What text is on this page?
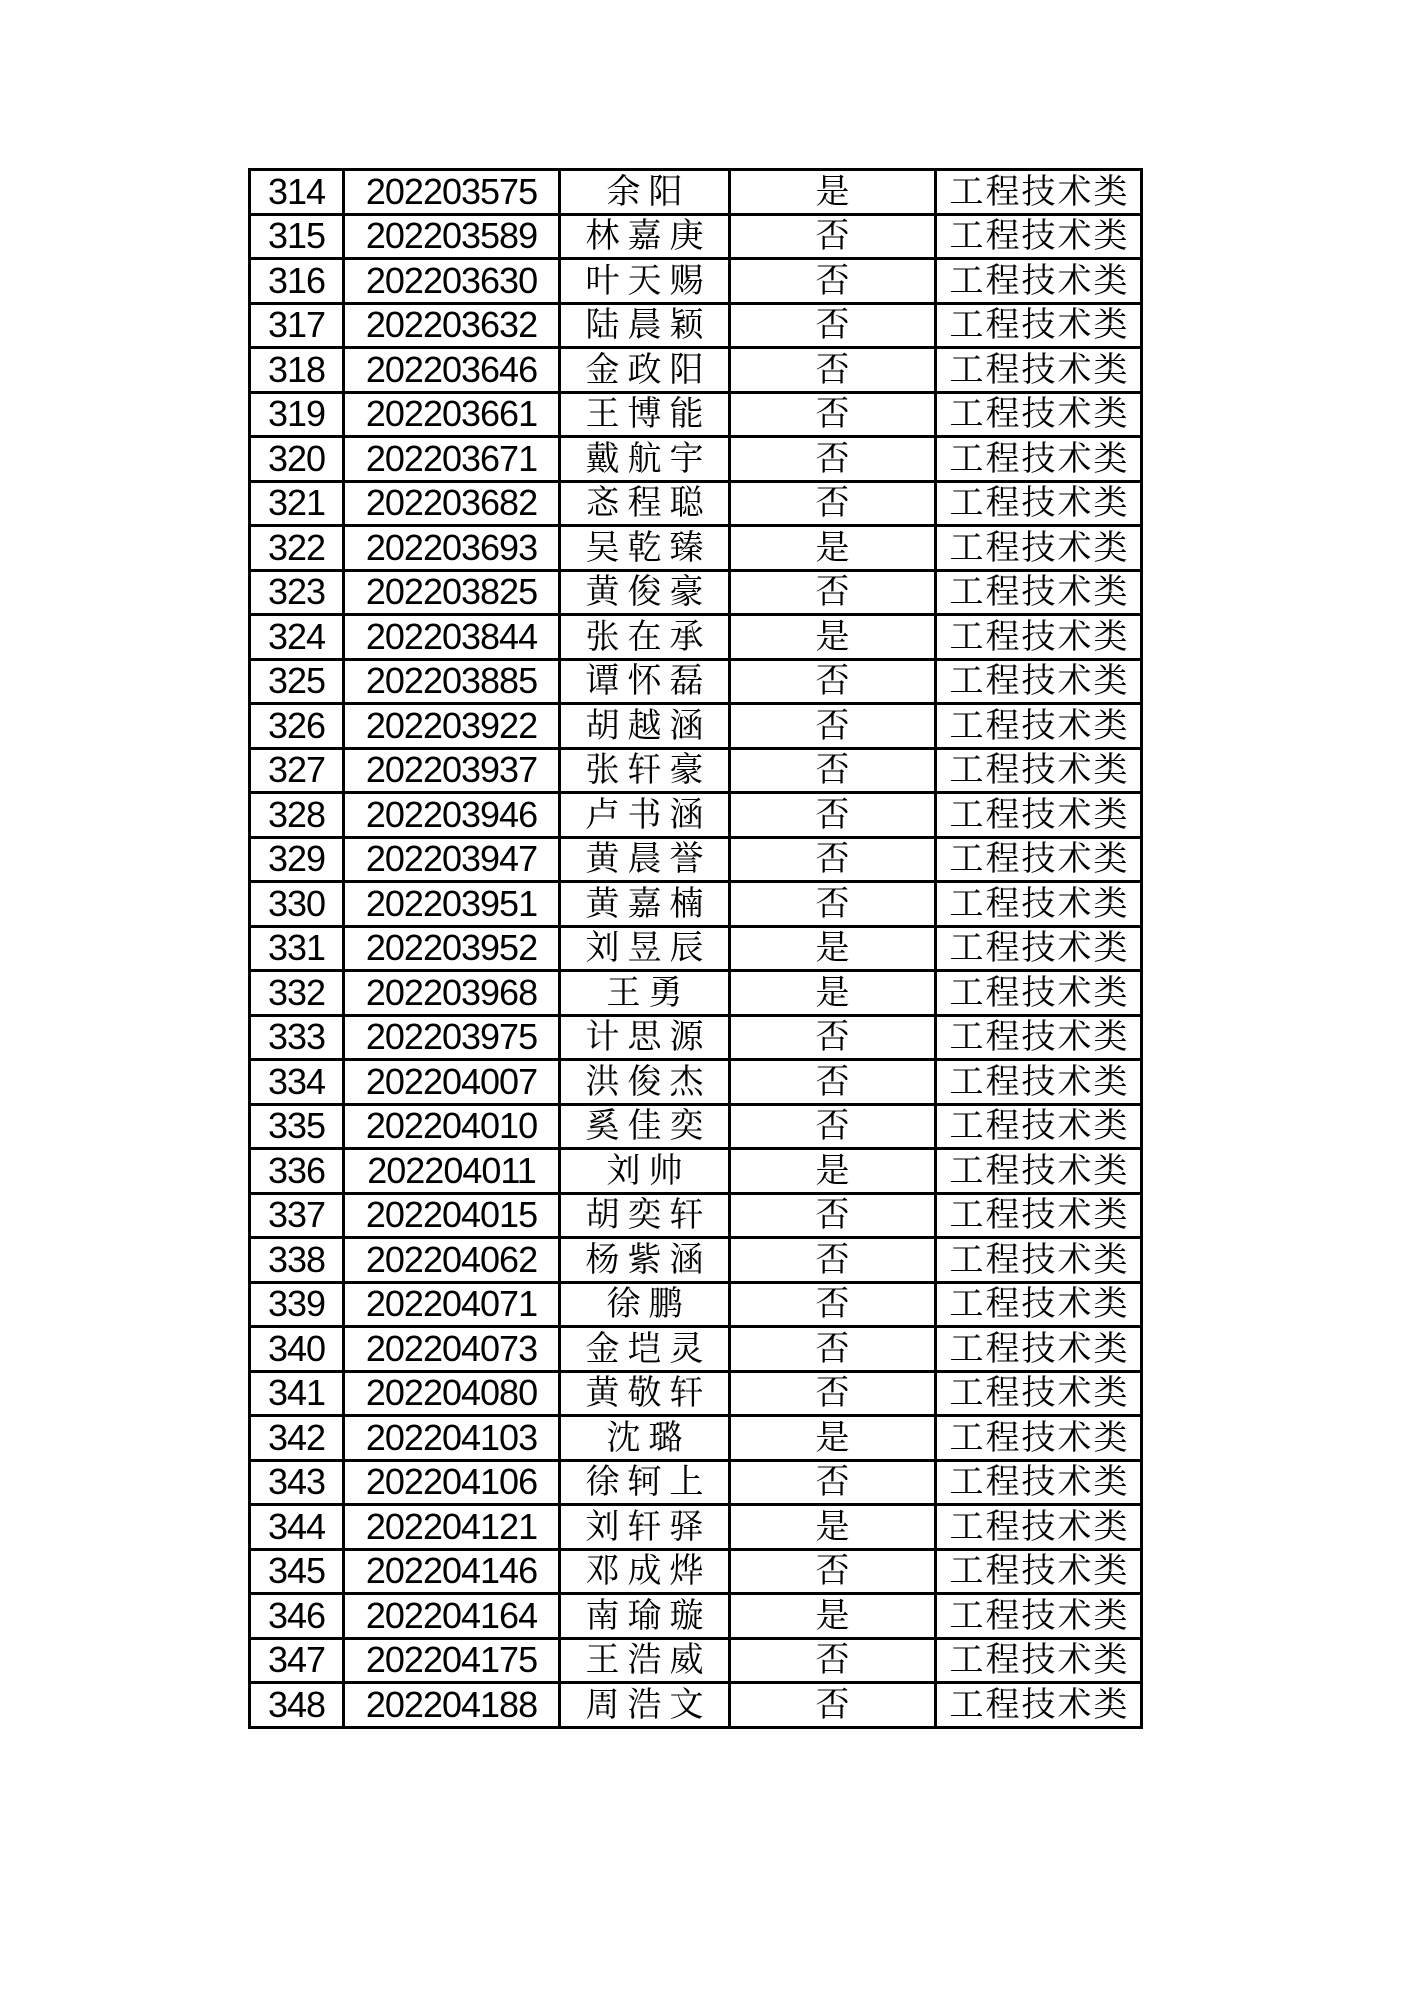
314	202203575	余阳	是	工程技术类
315	202203589	林嘉庚	否	工程技术类
316	202203630	叶天赐	否	工程技术类
317	202203632	陆晨颖	否	工程技术类
318	202203646	金政阳	否	工程技术类
319	202203661	王博能	否	工程技术类
320	202203671	戴航宇	否	工程技术类
321	202203682	忞程聪	否	工程技术类
322	202203693	吴乾臻	是	工程技术类
323	202203825	黄俊豪	否	工程技术类
324	202203844	张在承	是	工程技术类
325	202203885	谭怀磊	否	工程技术类
326	202203922	胡越涵	否	工程技术类
327	202203937	张轩豪	否	工程技术类
328	202203946	卢书涵	否	工程技术类
329	202203947	黄晨誉	否	工程技术类
330	202203951	黄嘉楠	否	工程技术类
331	202203952	刘昱辰	是	工程技术类
332	202203968	王勇	是	工程技术类
333	202203975	计思源	否	工程技术类
334	202204007	洪俊杰	否	工程技术类
335	202204010	奚佳奕	否	工程技术类
336	202204011	刘帅	是	工程技术类
337	202204015	胡奕轩	否	工程技术类
338	202204062	杨紫涵	否	工程技术类
339	202204071	徐鹏	否	工程技术类
340	202204073	金垲灵	否	工程技术类
341	202204080	黄敬轩	否	工程技术类
342	202204103	沈璐	是	工程技术类
343	202204106	徐轲上	否	工程技术类
344	202204121	刘轩驿	是	工程技术类
345	202204146	邓成烨	否	工程技术类
346	202204164	南瑜璇	是	工程技术类
347	202204175	王浩威	否	工程技术类
348	202204188	周浩文	否	工程技术类
